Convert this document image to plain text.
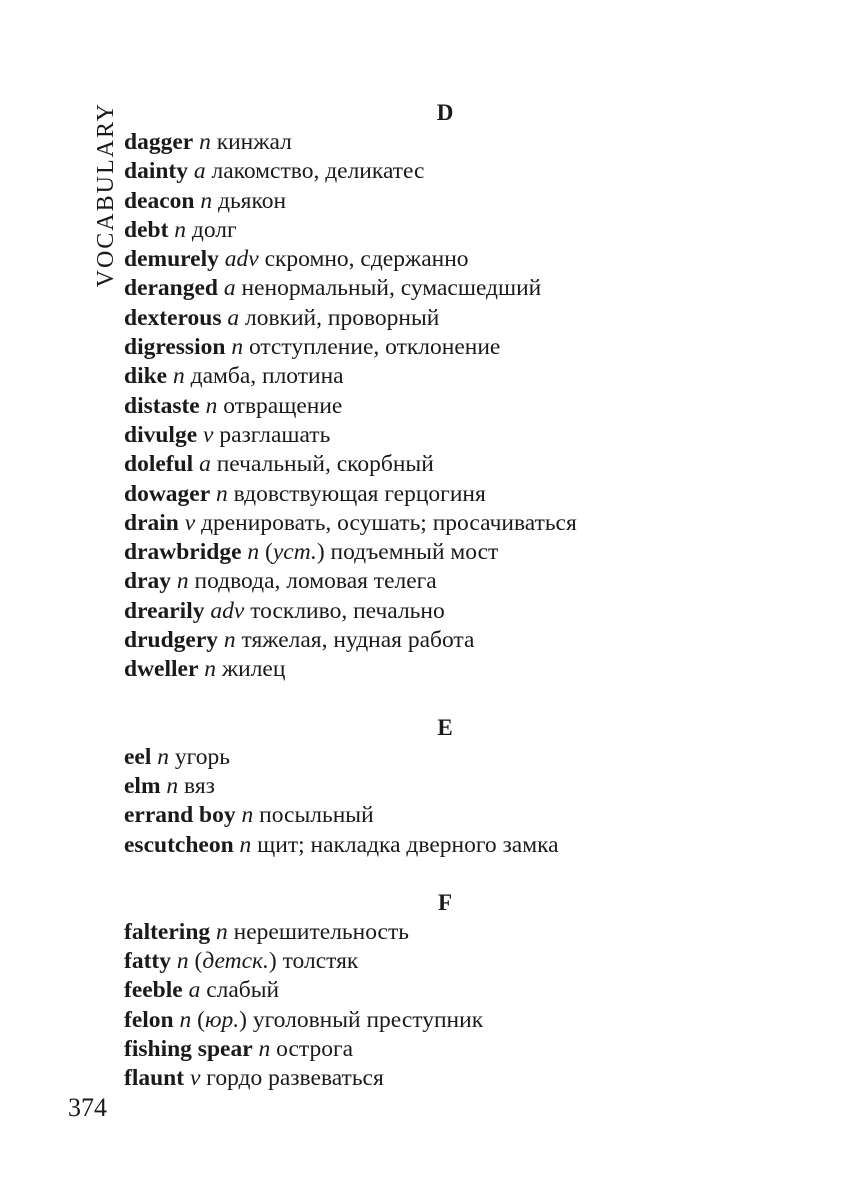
VOCABULARY	D
dagger n кинжал
dainty a лакомство, деликатес
deacon n дьякон
debt n долг
demurely adv скромно, сдержанно
deranged a ненормальный, сумасшедший
dexterous a ловкий, проворный
digression n отступление, отклонение
dike n дамба, плотина
distaste n отвращение
divulge v разглашать
doleful a печальный, скорбный
dowager n вдовствующая герцогиня
drain v дренировать, осушать; просачиваться
drawbridge n (уст.) подъемный мост
dray n подвода, ломовая телега
drearily adv тоскливо, печально
drudgery n тяжелая, нудная работа
dweller n жилец
E
eel n угорь
elm n вяз
errand boy n посыльный
escutcheon n щит; накладка дверного замка
F
faltering n нерешительность
fatty n (детск.) толстяк
feeble a слабый
felon n (юр.) уголовный преступник
fishing spear n острога
flaunt v гордо развеваться
374
